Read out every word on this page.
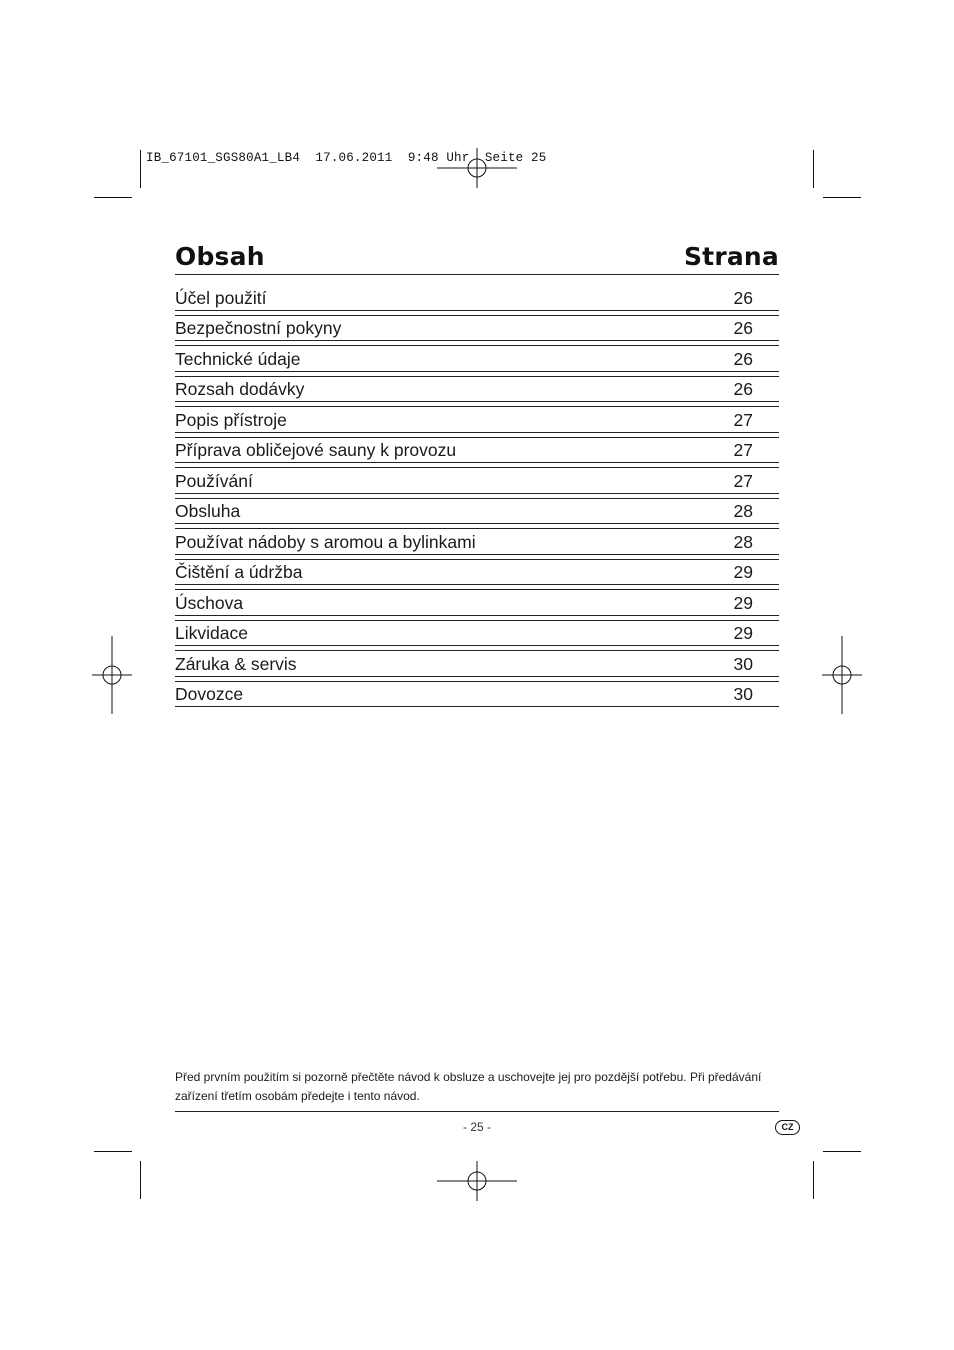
IB_67101_SGS80A1_LB4  17.06.2011  9:48 Uhr  Seite 25
Obsah	Strana
Účel použití	26
Bezpečnostní pokyny	26
Technické údaje	26
Rozsah dodávky	26
Popis přístroje	27
Příprava obličejové sauny k provozu	27
Používání	27
Obsluha	28
Používat nádoby s aromou a bylinkami	28
Čištění a údržba	29
Úschova	29
Likvidace	29
Záruka & servis	30
Dovozce	30
Před prvním použitím si pozorně přečtěte návod k obsluze a uschovejte jej pro pozdější potřebu. Při předávání
zařízení třetím osobám předejte i tento návod.
- 25 -	CZ
